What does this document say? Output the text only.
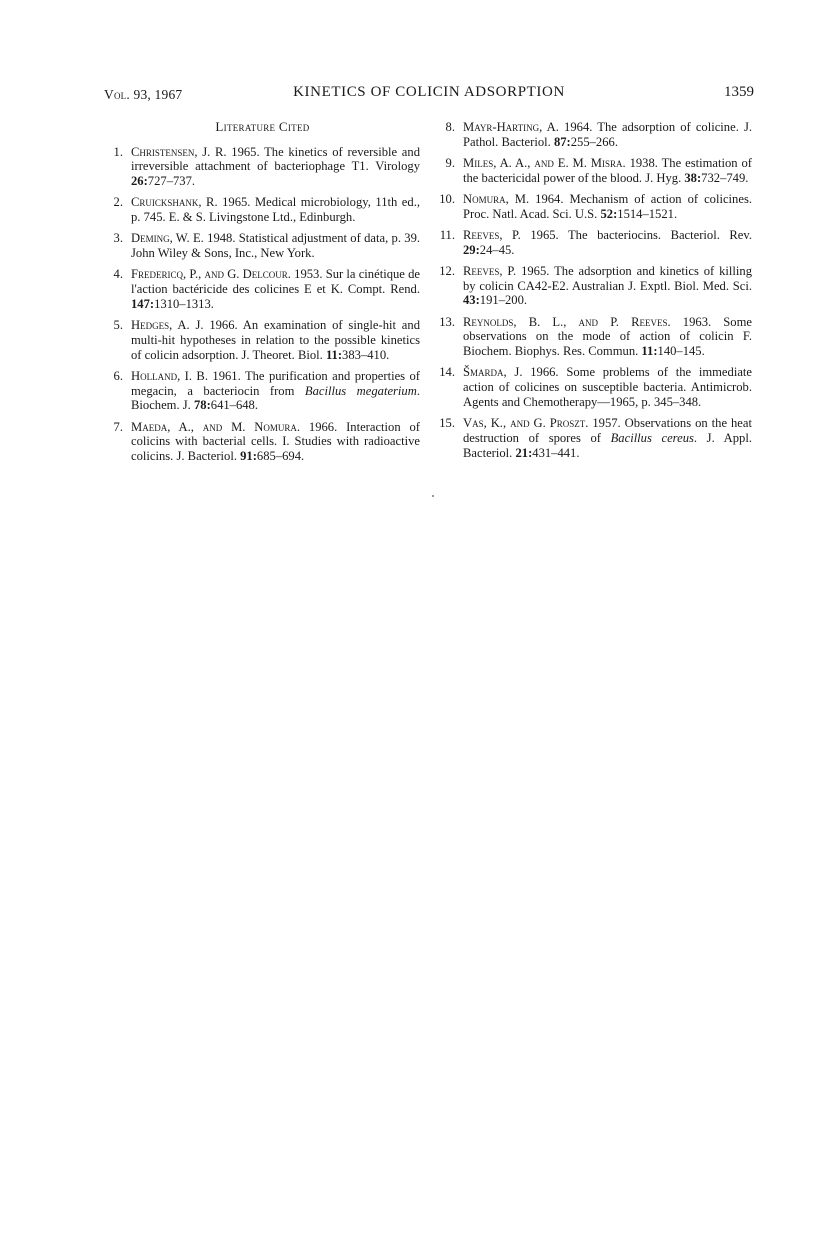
Vol. 93, 1967	KINETICS OF COLICIN ADSORPTION	1359
Literature Cited
1. Christensen, J. R. 1965. The kinetics of reversible and irreversible attachment of bacteriophage T1. Virology 26:727–737.
2. Cruickshank, R. 1965. Medical microbiology, 11th ed., p. 745. E. & S. Livingstone Ltd., Edinburgh.
3. Deming, W. E. 1948. Statistical adjustment of data, p. 39. John Wiley & Sons, Inc., New York.
4. Fredericq, P., and G. Delcour. 1953. Sur la cinétique de l'action bactéricide des colicines E et K. Compt. Rend. 147:1310–1313.
5. Hedges, A. J. 1966. An examination of single-hit and multi-hit hypotheses in relation to the possible kinetics of colicin adsorption. J. Theoret. Biol. 11:383–410.
6. Holland, I. B. 1961. The purification and properties of megacin, a bacteriocin from Bacillus megaterium. Biochem. J. 78:641–648.
7. Maeda, A., and M. Nomura. 1966. Interaction of colicins with bacterial cells. I. Studies with radioactive colicins. J. Bacteriol. 91:685–694.
8. Mayr-Harting, A. 1964. The adsorption of colicine. J. Pathol. Bacteriol. 87:255–266.
9. Miles, A. A., and E. M. Misra. 1938. The estimation of the bactericidal power of the blood. J. Hyg. 38:732–749.
10. Nomura, M. 1964. Mechanism of action of colicines. Proc. Natl. Acad. Sci. U.S. 52:1514–1521.
11. Reeves, P. 1965. The bacteriocins. Bacteriol. Rev. 29:24–45.
12. Reeves, P. 1965. The adsorption and kinetics of killing by colicin CA42-E2. Australian J. Exptl. Biol. Med. Sci. 43:191–200.
13. Reynolds, B. L., and P. Reeves. 1963. Some observations on the mode of action of colicin F. Biochem. Biophys. Res. Commun. 11:140–145.
14. Šmarda, J. 1966. Some problems of the immediate action of colicines on susceptible bacteria. Antimicrob. Agents and Chemotherapy—1965, p. 345–348.
15. Vas, K., and G. Proszt. 1957. Observations on the heat destruction of spores of Bacillus cereus. J. Appl. Bacteriol. 21:431–441.
